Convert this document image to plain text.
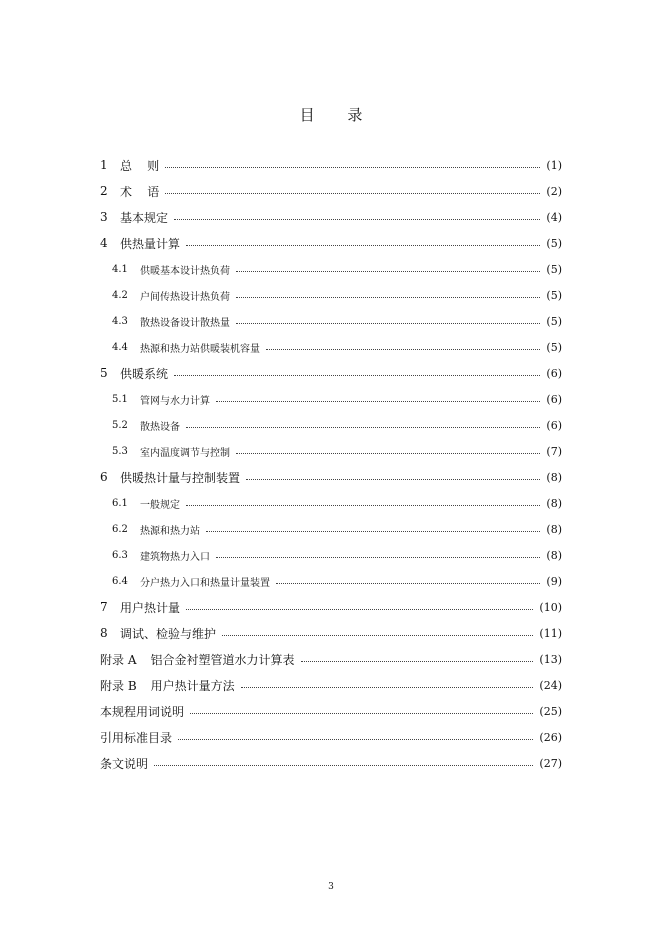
目 录
1	总    则	(1)
2	术    语	(2)
3	基本规定	(4)
4	供热量计算	(5)
4.1	供暖基本设计热负荷	(5)
4.2	户间传热设计热负荷	(5)
4.3	散热设备设计散热量	(5)
4.4	热源和热力站供暖装机容量	(5)
5	供暖系统	(6)
5.1	管网与水力计算	(6)
5.2	散热设备	(6)
5.3	室内温度调节与控制	(7)
6	供暖热计量与控制装置	(8)
6.1	一般规定	(8)
6.2	热源和热力站	(8)
6.3	建筑物热力入口	(8)
6.4	分户热力入口和热量计量装置	(9)
7	用户热计量	(10)
8	调试、检验与维护	(11)
附录 A 铝合金衬塑管道水力计算表	(13)
附录 B 用户热计量方法	(24)
本规程用词说明	(25)
引用标准目录	(26)
条文说明	(27)
3
